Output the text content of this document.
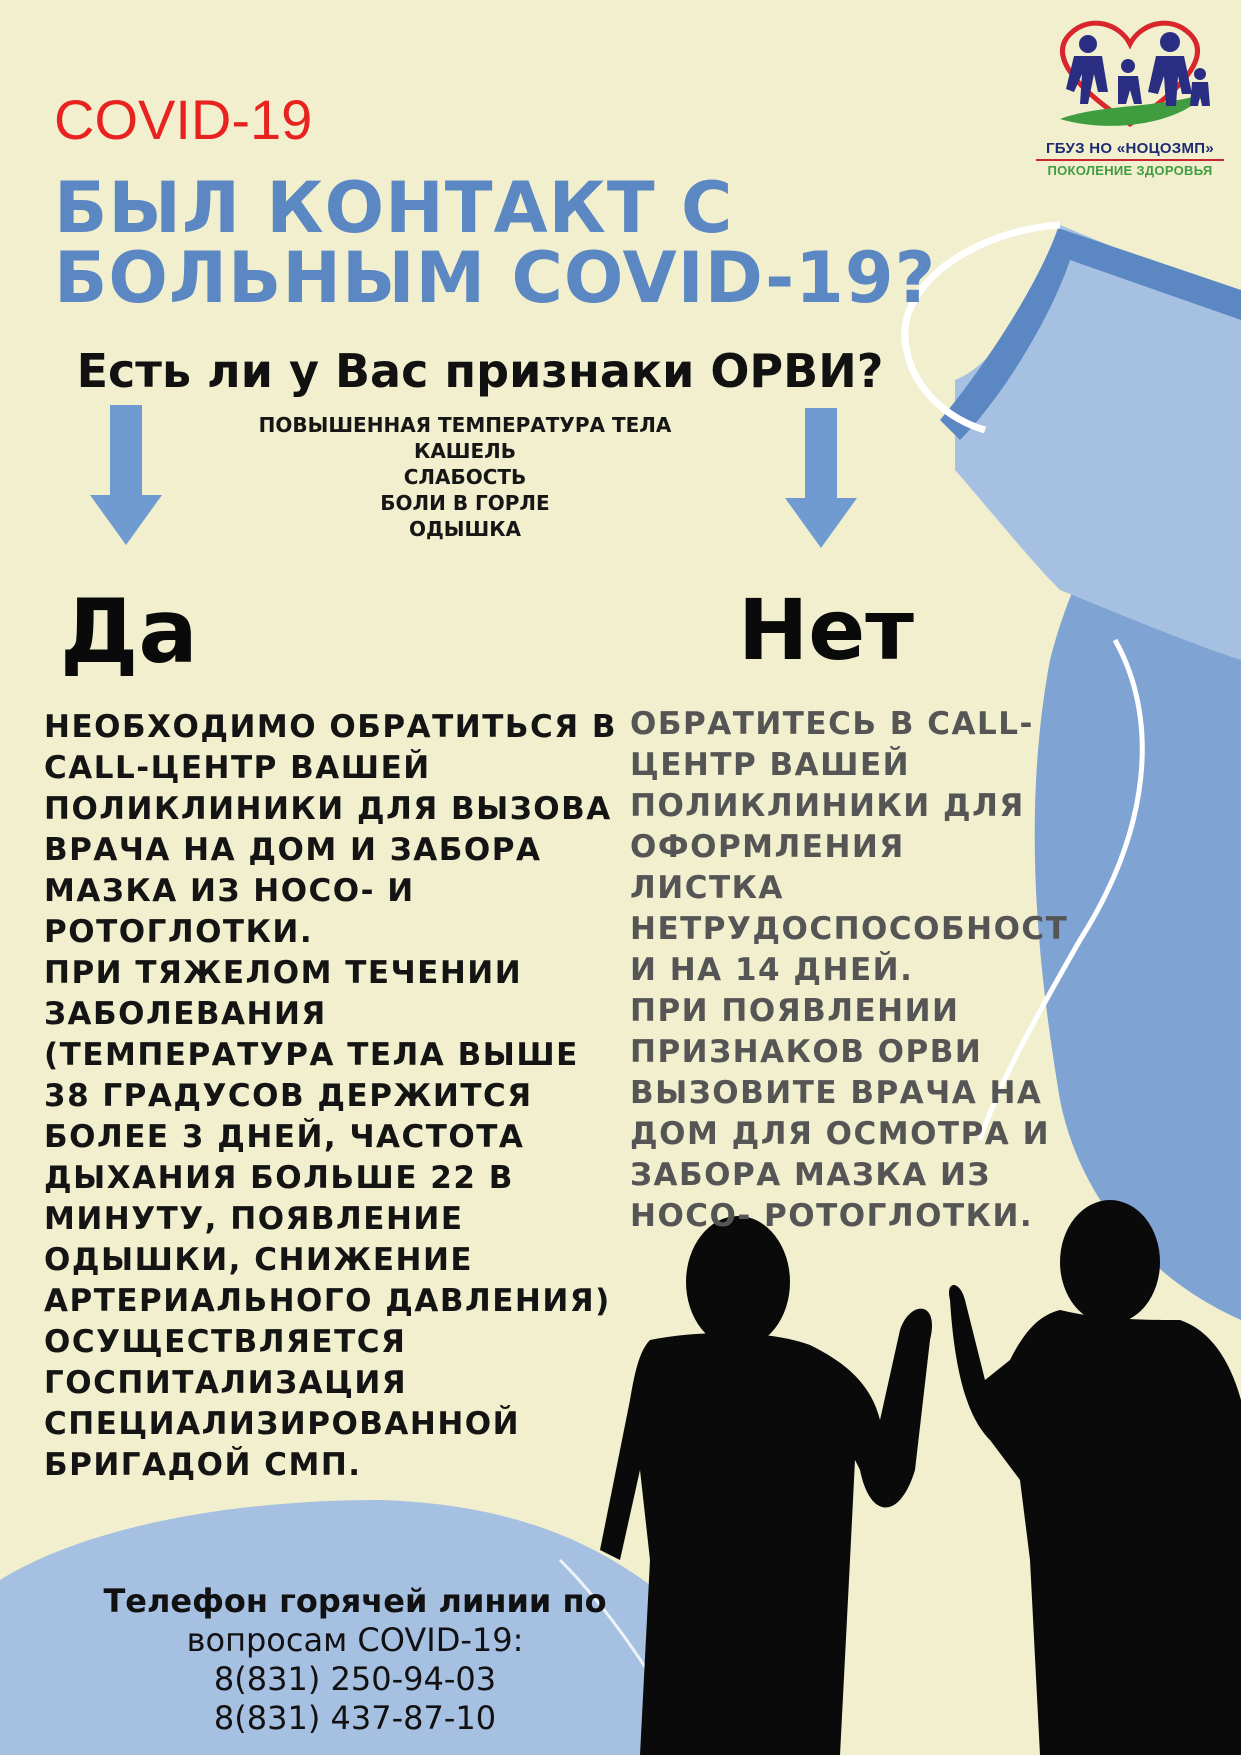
ГБУЗ НО «НОЦОЗМП»
ПОКОЛЕНИЕ ЗДОРОВЬЯ

COVID-19

БЫЛ КОНТАКТ С
БОЛЬНЫМ COVID-19?

Есть ли у Вас признаки ОРВИ?

ПОВЫШЕННАЯ ТЕМПЕРАТУРА ТЕЛА
КАШЕЛЬ
СЛАБОСТЬ
БОЛИ В ГОРЛЕ
ОДЫШКА

Да	Нет

НЕОБХОДИМО ОБРАТИТЬСЯ В
CALL-ЦЕНТР ВАШЕЙ
ПОЛИКЛИНИКИ ДЛЯ ВЫЗОВА
ВРАЧА НА ДОМ И ЗАБОРА
МАЗКА ИЗ НОСО- И
РОТОГЛОТКИ.
ПРИ ТЯЖЕЛОМ ТЕЧЕНИИ
ЗАБОЛЕВАНИЯ
(ТЕМПЕРАТУРА ТЕЛА ВЫШЕ
38 ГРАДУСОВ ДЕРЖИТСЯ
БОЛЕЕ 3 ДНЕЙ, ЧАСТОТА
ДЫХАНИЯ БОЛЬШЕ 22 В
МИНУТУ, ПОЯВЛЕНИЕ
ОДЫШКИ, СНИЖЕНИЕ
АРТЕРИАЛЬНОГО ДАВЛЕНИЯ)
ОСУЩЕСТВЛЯЕТСЯ
ГОСПИТАЛИЗАЦИЯ
СПЕЦИАЛИЗИРОВАННОЙ
БРИГАДОЙ СМП.
ОБРАТИТЕСЬ В CALL-
ЦЕНТР ВАШЕЙ
ПОЛИКЛИНИКИ ДЛЯ
ОФОРМЛЕНИЯ ЛИСТКА
НЕТРУДОСПОСОБНОСТ
И НА 14 ДНЕЙ.
ПРИ ПОЯВЛЕНИИ
ПРИЗНАКОВ ОРВИ
ВЫЗОВИТЕ ВРАЧА НА
ДОМ ДЛЯ ОСМОТРА И
ЗАБОРА МАЗКА ИЗ
НОСО- РОТОГЛОТКИ.
Телефон горячей линии по
вопросам COVID-19:
8(831) 250-94-03
8(831) 437-87-10
